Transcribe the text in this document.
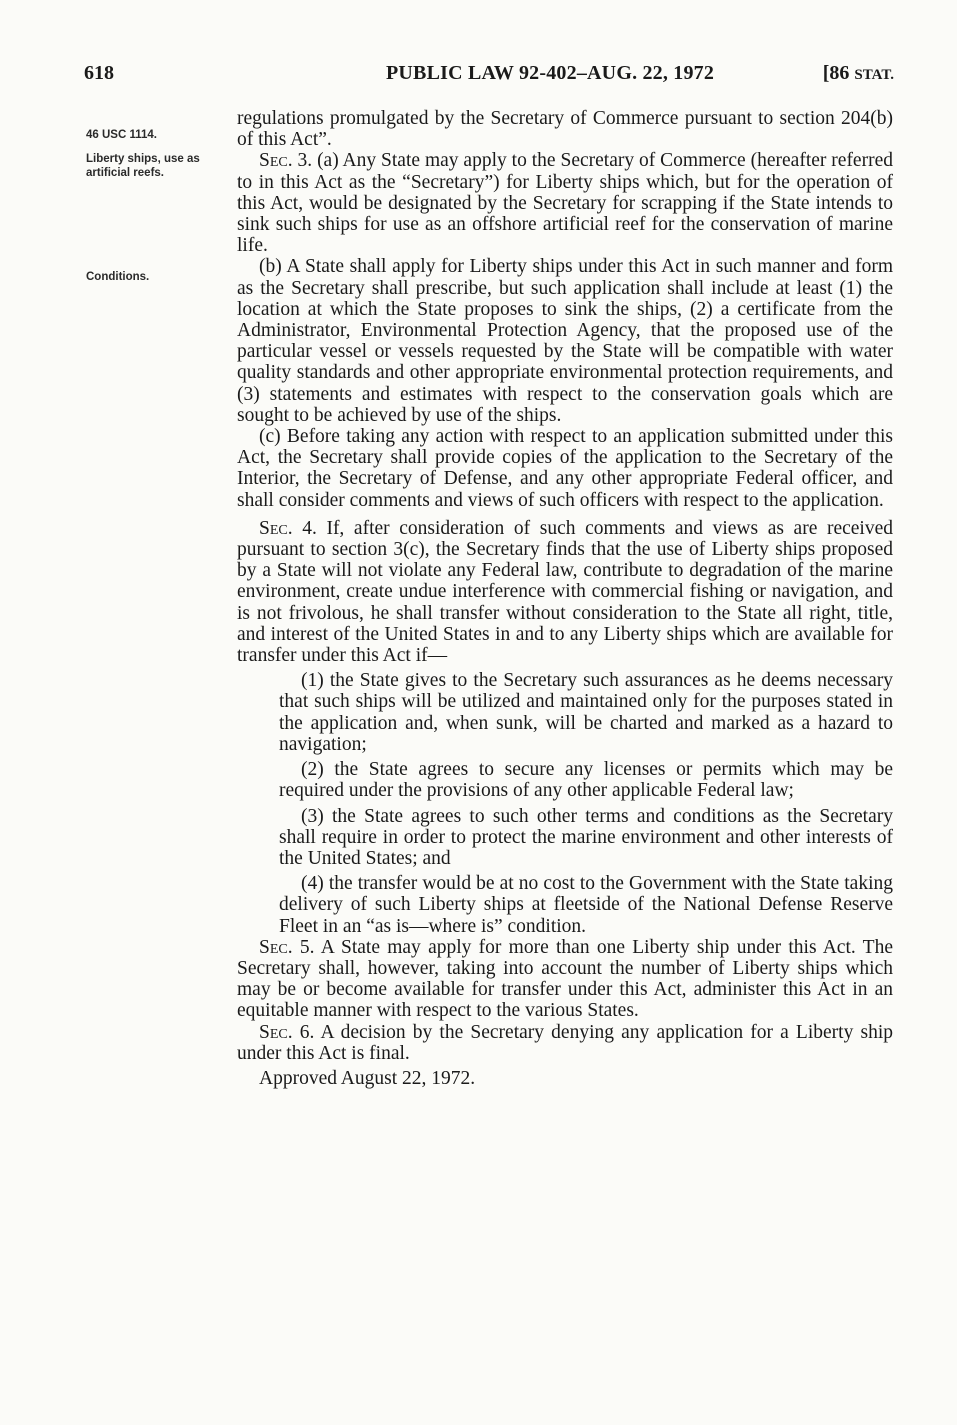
618	PUBLIC LAW 92-402–AUG. 22, 1972	[86 STAT.
46 USC 1114.
Liberty ships, use as artificial reefs.
Conditions.

regulations promulgated by the Secretary of Commerce pursuant to section 204(b) of this Act”.

Sec. 3. (a) Any State may apply to the Secretary of Commerce (hereafter referred to in this Act as the “Secretary”) for Liberty ships which, but for the operation of this Act, would be designated by the Secretary for scrapping if the State intends to sink such ships for use as an offshore artificial reef for the conservation of marine life.

(b) A State shall apply for Liberty ships under this Act in such manner and form as the Secretary shall prescribe, but such application shall include at least (1) the location at which the State proposes to sink the ships, (2) a certificate from the Administrator, Environmental Protection Agency, that the proposed use of the particular vessel or vessels requested by the State will be compatible with water quality standards and other appropriate environmental protection requirements, and (3) statements and estimates with respect to the conservation goals which are sought to be achieved by use of the ships.

(c) Before taking any action with respect to an application submitted under this Act, the Secretary shall provide copies of the application to the Secretary of the Interior, the Secretary of Defense, and any other appropriate Federal officer, and shall consider comments and views of such officers with respect to the application.

Sec. 4. If, after consideration of such comments and views as are received pursuant to section 3(c), the Secretary finds that the use of Liberty ships proposed by a State will not violate any Federal law, contribute to degradation of the marine environment, create undue interference with commercial fishing or navigation, and is not frivolous, he shall transfer without consideration to the State all right, title, and interest of the United States in and to any Liberty ships which are available for transfer under this Act if—

(1) the State gives to the Secretary such assurances as he deems necessary that such ships will be utilized and maintained only for the purposes stated in the application and, when sunk, will be charted and marked as a hazard to navigation;

(2) the State agrees to secure any licenses or permits which may be required under the provisions of any other applicable Federal law;

(3) the State agrees to such other terms and conditions as the Secretary shall require in order to protect the marine environment and other interests of the United States; and

(4) the transfer would be at no cost to the Government with the State taking delivery of such Liberty ships at fleetside of the National Defense Reserve Fleet in an “as is—where is” condition.

Sec. 5. A State may apply for more than one Liberty ship under this Act. The Secretary shall, however, taking into account the number of Liberty ships which may be or become available for transfer under this Act, administer this Act in an equitable manner with respect to the various States.

Sec. 6. A decision by the Secretary denying any application for a Liberty ship under this Act is final.

Approved August 22, 1972.
